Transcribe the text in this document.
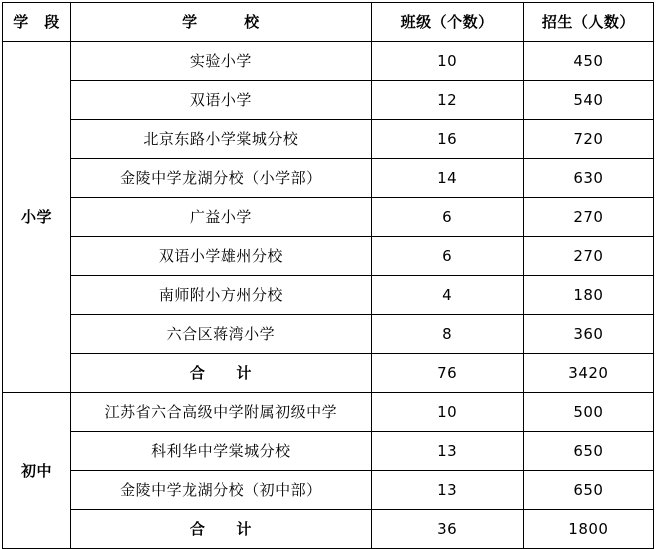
学　段	学　　　校	班级（个数）	招生（人数）
小学	实验小学	10	450
	双语小学	12	540
	北京东路小学棠城分校	16	720
	金陵中学龙湖分校（小学部）	14	630
	广益小学	6	270
	双语小学雄州分校	6	270
	南师附小方州分校	4	180
	六合区蒋湾小学	8	360
	合　　计	76	3420
初中	江苏省六合高级中学附属初级中学	10	500
	科利华中学棠城分校	13	650
	金陵中学龙湖分校（初中部）	13	650
	合　　计	36	1800
